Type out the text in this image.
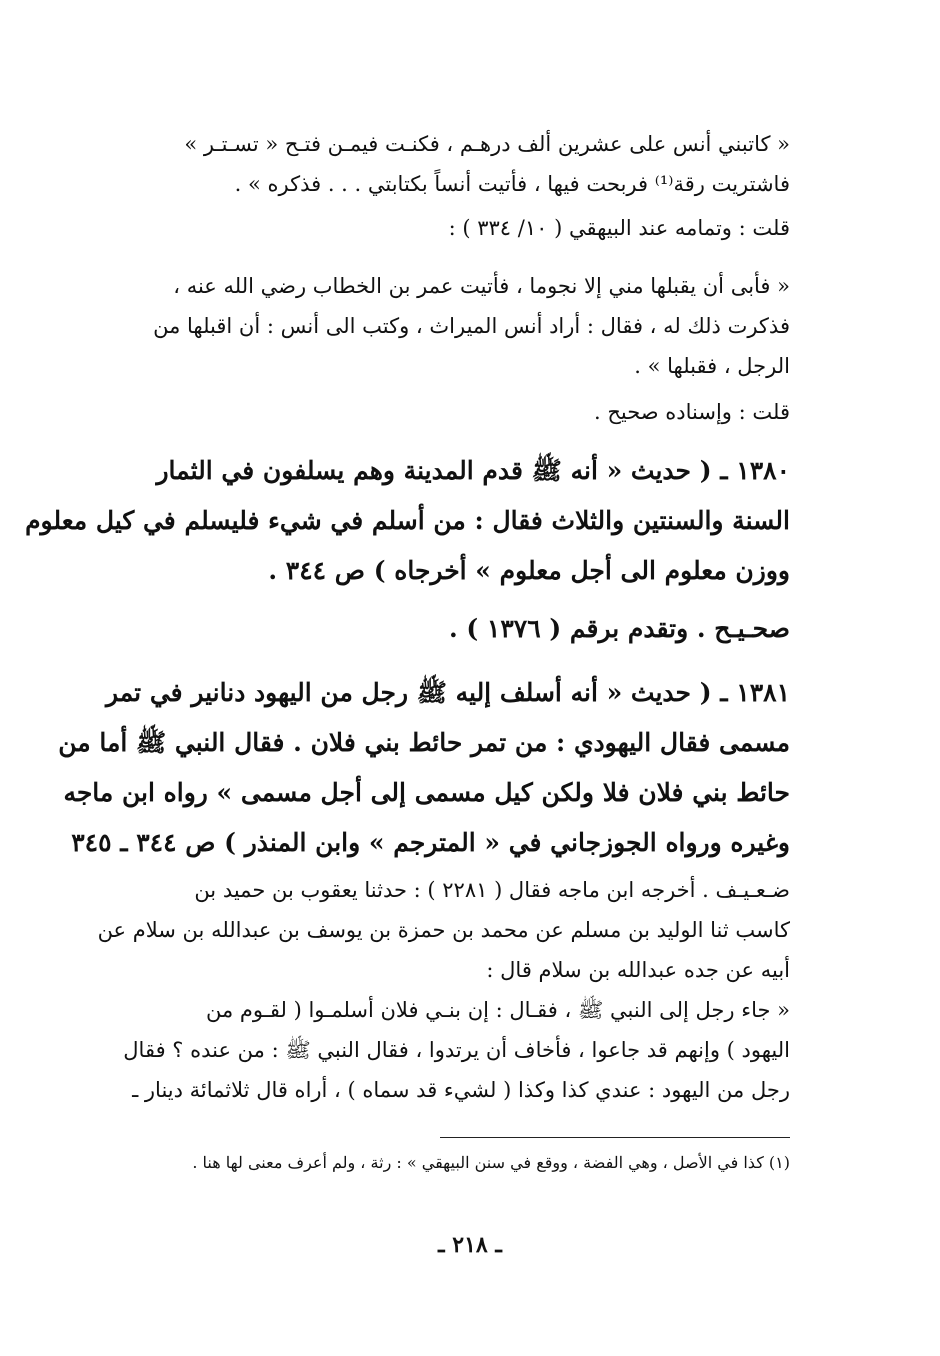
« كاتبني أنس على عشرين ألف درهـم ، فكنـت فيمـن فتـح « تسـتـر »
فاشتريت رقة⁽¹⁾ فربحت فيها ، فأتيت أنساً بكتابتي . . . فذكره » .

قلت : وتمامه عند البيهقي ( ١٠/ ٣٣٤ ) :

« فأبى أن يقبلها مني إلا نجوما ، فأتيت عمر بن الخطاب رضي الله عنه ،
فذكرت ذلك له ، فقال : أراد أنس الميراث ، وكتب الى أنس : أن اقبلها من
الرجل ، فقبلها » .

قلت : وإسناده صحيح .

١٣٨٠ ـ ( حديث « أنه ﷺ قدم المدينة وهم يسلفون في الثمار
السنة والسنتين والثلاث فقال : من أسلم في شيء فليسلم في كيل معلوم
ووزن معلوم الى أجل معلوم » أخرجاه ) ص ٣٤٤ .

صحـيـح . وتقدم برقم ( ١٣٧٦ ) .

١٣٨١ ـ ( حديث « أنه أسلف إليه ﷺ رجل من اليهود دنانير في تمر
مسمى فقال اليهودي : من تمر حائط بني فلان . فقال النبي ﷺ أما من
حائط بني فلان فلا ولكن كيل مسمى إلى أجل مسمى » رواه ابن ماجه
وغيره ورواه الجوزجاني في « المترجم » وابن المنذر ) ص ٣٤٤ ـ ٣٤٥

ضـعـيـف . أخرجه ابن ماجه فقال ( ٢٢٨١ ) : حدثنا يعقوب بن حميد بن
كاسب ثنا الوليد بن مسلم عن محمد بن حمزة بن يوسف بن عبدالله بن سلام عن
أبيه عن جده عبدالله بن سلام قال :

« جاء رجل إلى النبي ﷺ ، فقـال : إن بنـي فلان أسلمـوا ( لقـوم من
اليهود ) وإنهم قد جاعوا ، فأخاف أن يرتدوا ، فقال النبي ﷺ : من عنده ؟ فقال
رجل من اليهود : عندي كذا وكذا ( لشيء قد سماه ) ، أراه قال ثلاثمائة دينار ـ

(١) كذا في الأصل ، وهي الفضة ، ووقع في سنن البيهقي » : رثة ، ولم أعرف معنى لها هنا .
ـ ٢١٨ ـ
